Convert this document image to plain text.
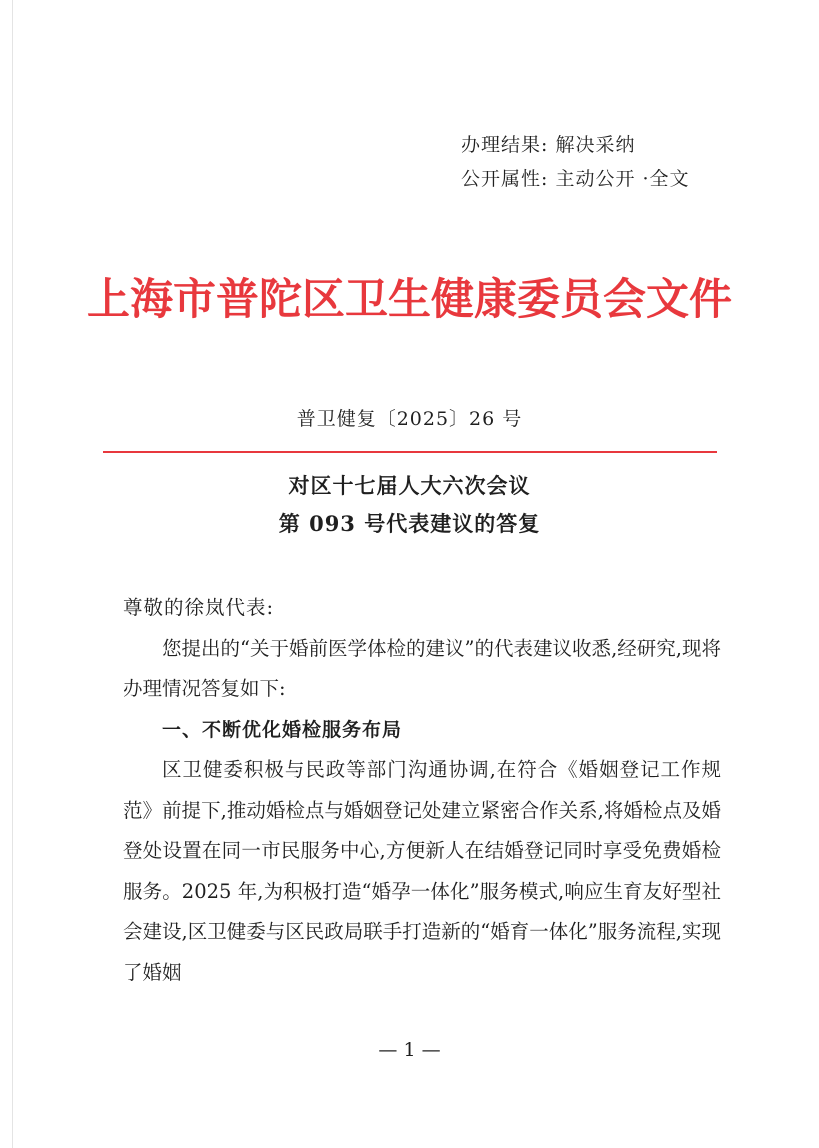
办理结果: 解决采纳
公开属性: 主动公开 ·全文
上海市普陀区卫生健康委员会文件
普卫健复〔2025〕26 号
对区十七届人大六次会议
第 093 号代表建议的答复

尊敬的徐岚代表:

您提出的“关于婚前医学体检的建议”的代表建议收悉,经研究,现将办理情况答复如下:

一、不断优化婚检服务布局

区卫健委积极与民政等部门沟通协调,在符合《婚姻登记工作规范》前提下,推动婚检点与婚姻登记处建立紧密合作关系,将婚检点及婚登处设置在同一市民服务中心,方便新人在结婚登记同时享受免费婚检服务。2025 年,为积极打造“婚孕一体化”服务模式,响应生育友好型社会建设,区卫健委与区民政局联手打造新的“婚育一体化”服务流程,实现了婚姻

— 1 —
